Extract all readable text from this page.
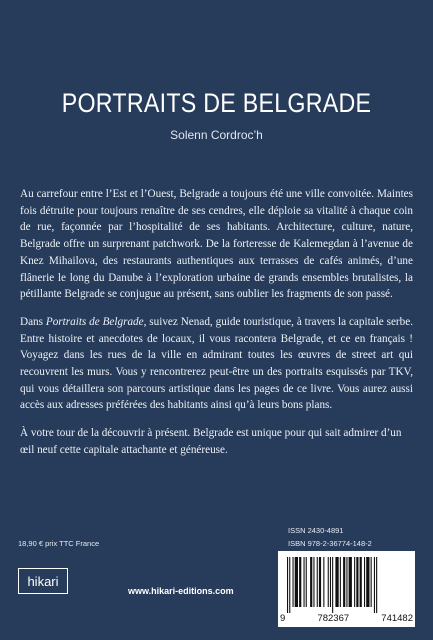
PORTRAITS DE BELGRADE
Solenn Cordroc’h

Au carrefour entre l’Est et l’Ouest, Belgrade a toujours été une ville convoitée. Maintes fois détruite pour toujours renaître de ses cendres, elle déploie sa vitalité à chaque coin de rue, façonnée par l’hospitalité de ses habitants. Architecture, culture, nature, Belgrade offre un surprenant patchwork. De la forteresse de Kalemegdan à l’avenue de Knez Mihailova, des restaurants authentiques aux terrasses de cafés animés, d’une flânerie le long du Danube à l’exploration urbaine de grands ensembles brutalistes, la pétillante Belgrade se conjugue au présent, sans oublier les fragments de son passé.

Dans Portraits de Belgrade, suivez Nenad, guide touristique, à travers la capitale serbe. Entre histoire et anecdotes de locaux, il vous racontera Belgrade, et ce en français ! Voyagez dans les rues de la ville en admirant toutes les œuvres de street art qui recouvrent les murs. Vous y rencontrerez peut-être un des portraits esquissés par TKV, qui vous détaillera son parcours artistique dans les pages de ce livre. Vous aurez aussi accès aux adresses préférées des habitants ainsi qu’à leurs bons plans.

À votre tour de la découvrir à présent. Belgrade est unique pour qui sait admirer d’un œil neuf cette capitale attachante et généreuse.

18,90 € prix TTC France
hikari
www.hikari-editions.com
ISSN 2430-4891
ISBN 978-2-36774-148-2
9	782367	741482
